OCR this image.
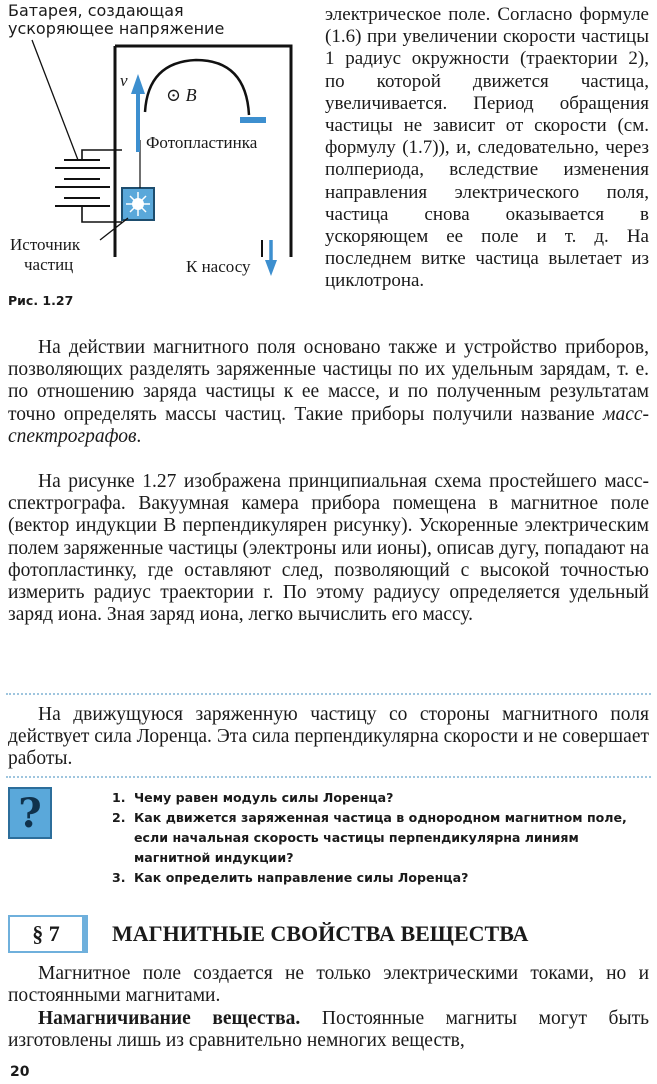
Батарея, создающая
ускоряющее напряжение
v
⊙ B
Фотопластинка
Источник
частиц	К насосу
Рис. 1.27
электрическое поле. Согласно формуле (1.6) при увеличении скорости частицы 1 радиус окружности (траектории 2), по которой движется частица, увеличивается. Период обращения частицы не зависит от скорости (см. формулу (1.7)), и, следовательно, через полпериода, вследствие изменения направления электрического поля, частица снова оказывается в ускоряющем ее поле и т. д. На последнем витке частица вылетает из циклотрона.
На действии магнитного поля основано также и устройство приборов, позволяющих разделять заряженные частицы по их удельным зарядам, т. е. по отношению заряда частицы к ее массе, и по полученным результатам точно определять массы частиц. Такие приборы получили название масс-спектрографов.
На рисунке 1.27 изображена принципиальная схема простейшего масс-спектрографа. Вакуумная камера прибора помещена в магнитное поле (вектор индукции B перпендикулярен рисунку). Ускоренные электрическим полем заряженные частицы (электроны или ионы), описав дугу, попадают на фотопластинку, где оставляют след, позволяющий с высокой точностью измерить радиус траектории r. По этому радиусу определяется удельный заряд иона. Зная заряд иона, легко вычислить его массу.
На движущуюся заряженную частицу со стороны магнитного поля действует сила Лоренца. Эта сила перпендикулярна скорости и не совершает работы.
?	1. Чему равен модуль силы Лоренца?
2. Как движется заряженная частица в однородном магнитном поле, если начальная скорость частицы перпендикулярна линиям магнитной индукции?
3. Как определить направление силы Лоренца?
§ 7	МАГНИТНЫЕ СВОЙСТВА ВЕЩЕСТВА
Магнитное поле создается не только электрическими токами, но и постоянными магнитами.
Намагничивание вещества. Постоянные магниты могут быть изготовлены лишь из сравнительно немногих веществ,
20
